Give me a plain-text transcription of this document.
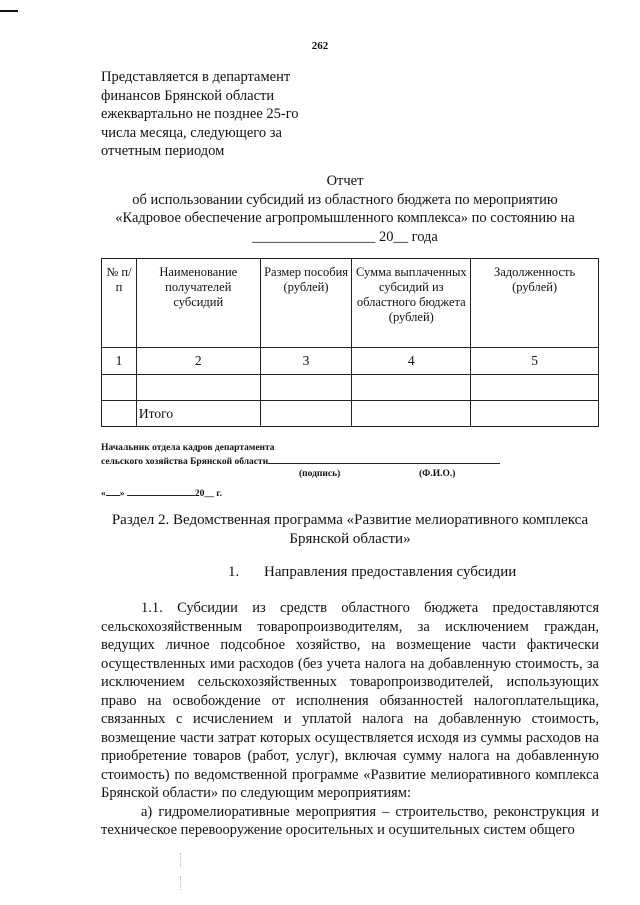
262
Представляется в департамент
финансов Брянской области
ежеквартально не позднее 25-го
числа месяца, следующего за
отчетным периодом
Отчет
об использовании субсидий из областного бюджета по мероприятию
«Кадровое обеспечение агропромышленного комплекса» по состоянию на
_________________ 20__ года
№ п/п	Наименование получателей субсидий	Размер пособия (рублей)	Сумма выплаченных субсидий из областного бюджета (рублей)	Задолженность (рублей)
1	2	3	4	5

	Итого			
Начальник отдела кадров департамента
сельского хозяйства Брянской области
(подпись)	(Ф.И.О.)
« »	20__ г.
Раздел 2. Ведомственная программа «Развитие мелиоративного комплекса Брянской области»
1. Направления предоставления субсидии

1.1. Субсидии из средств областного бюджета предоставляются сельскохозяйственным товаропроизводителям, за исключением граждан, ведущих личное подсобное хозяйство, на возмещение части фактически осуществленных ими расходов (без учета налога на добавленную стоимость, за исключением сельскохозяйственных товаропроизводителей, использующих право на освобождение от исполнения обязанностей налогоплательщика, связанных с исчислением и уплатой налога на добавленную стоимость, возмещение части затрат которых осуществляется исходя из суммы расходов на приобретение товаров (работ, услуг), включая сумму налога на добавленную стоимость) по ведомственной программе «Развитие мелиоративного комплекса Брянской области» по следующим мероприятиям:

а) гидромелиоративные мероприятия – строительство, реконструкция и техническое перевооружение оросительных и осушительных систем общего
